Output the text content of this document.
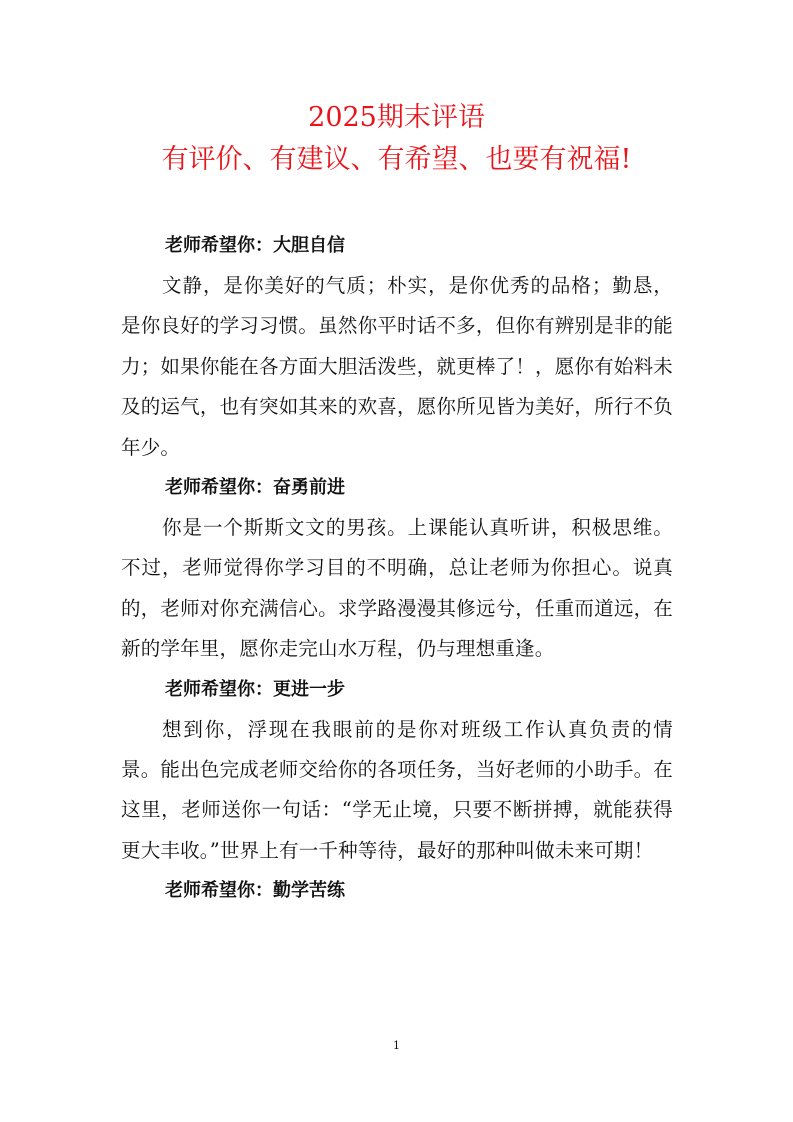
2025期末评语
有评价、有建议、有希望、也要有祝福!
老师希望你：大胆自信

文静，是你美好的气质；朴实，是你优秀的品格；勤恳，是你良好的学习习惯。虽然你平时话不多，但你有辨别是非的能力；如果你能在各方面大胆活泼些，就更棒了！，愿你有始料未及的运气，也有突如其来的欢喜，愿你所见皆为美好，所行不负年少。

老师希望你：奋勇前进

你是一个斯斯文文的男孩。上课能认真听讲，积极思维。不过，老师觉得你学习目的不明确，总让老师为你担心。说真的，老师对你充满信心。求学路漫漫其修远兮，任重而道远，在新的学年里，愿你走完山水万程，仍与理想重逢。

老师希望你：更进一步

想到你，浮现在我眼前的是你对班级工作认真负责的情景。能出色完成老师交给你的各项任务，当好老师的小助手。在这里，老师送你一句话：“学无止境，只要不断拼搏，就能获得更大丰收。”世界上有一千种等待，最好的那种叫做未来可期！

老师希望你：勤学苦练
1
